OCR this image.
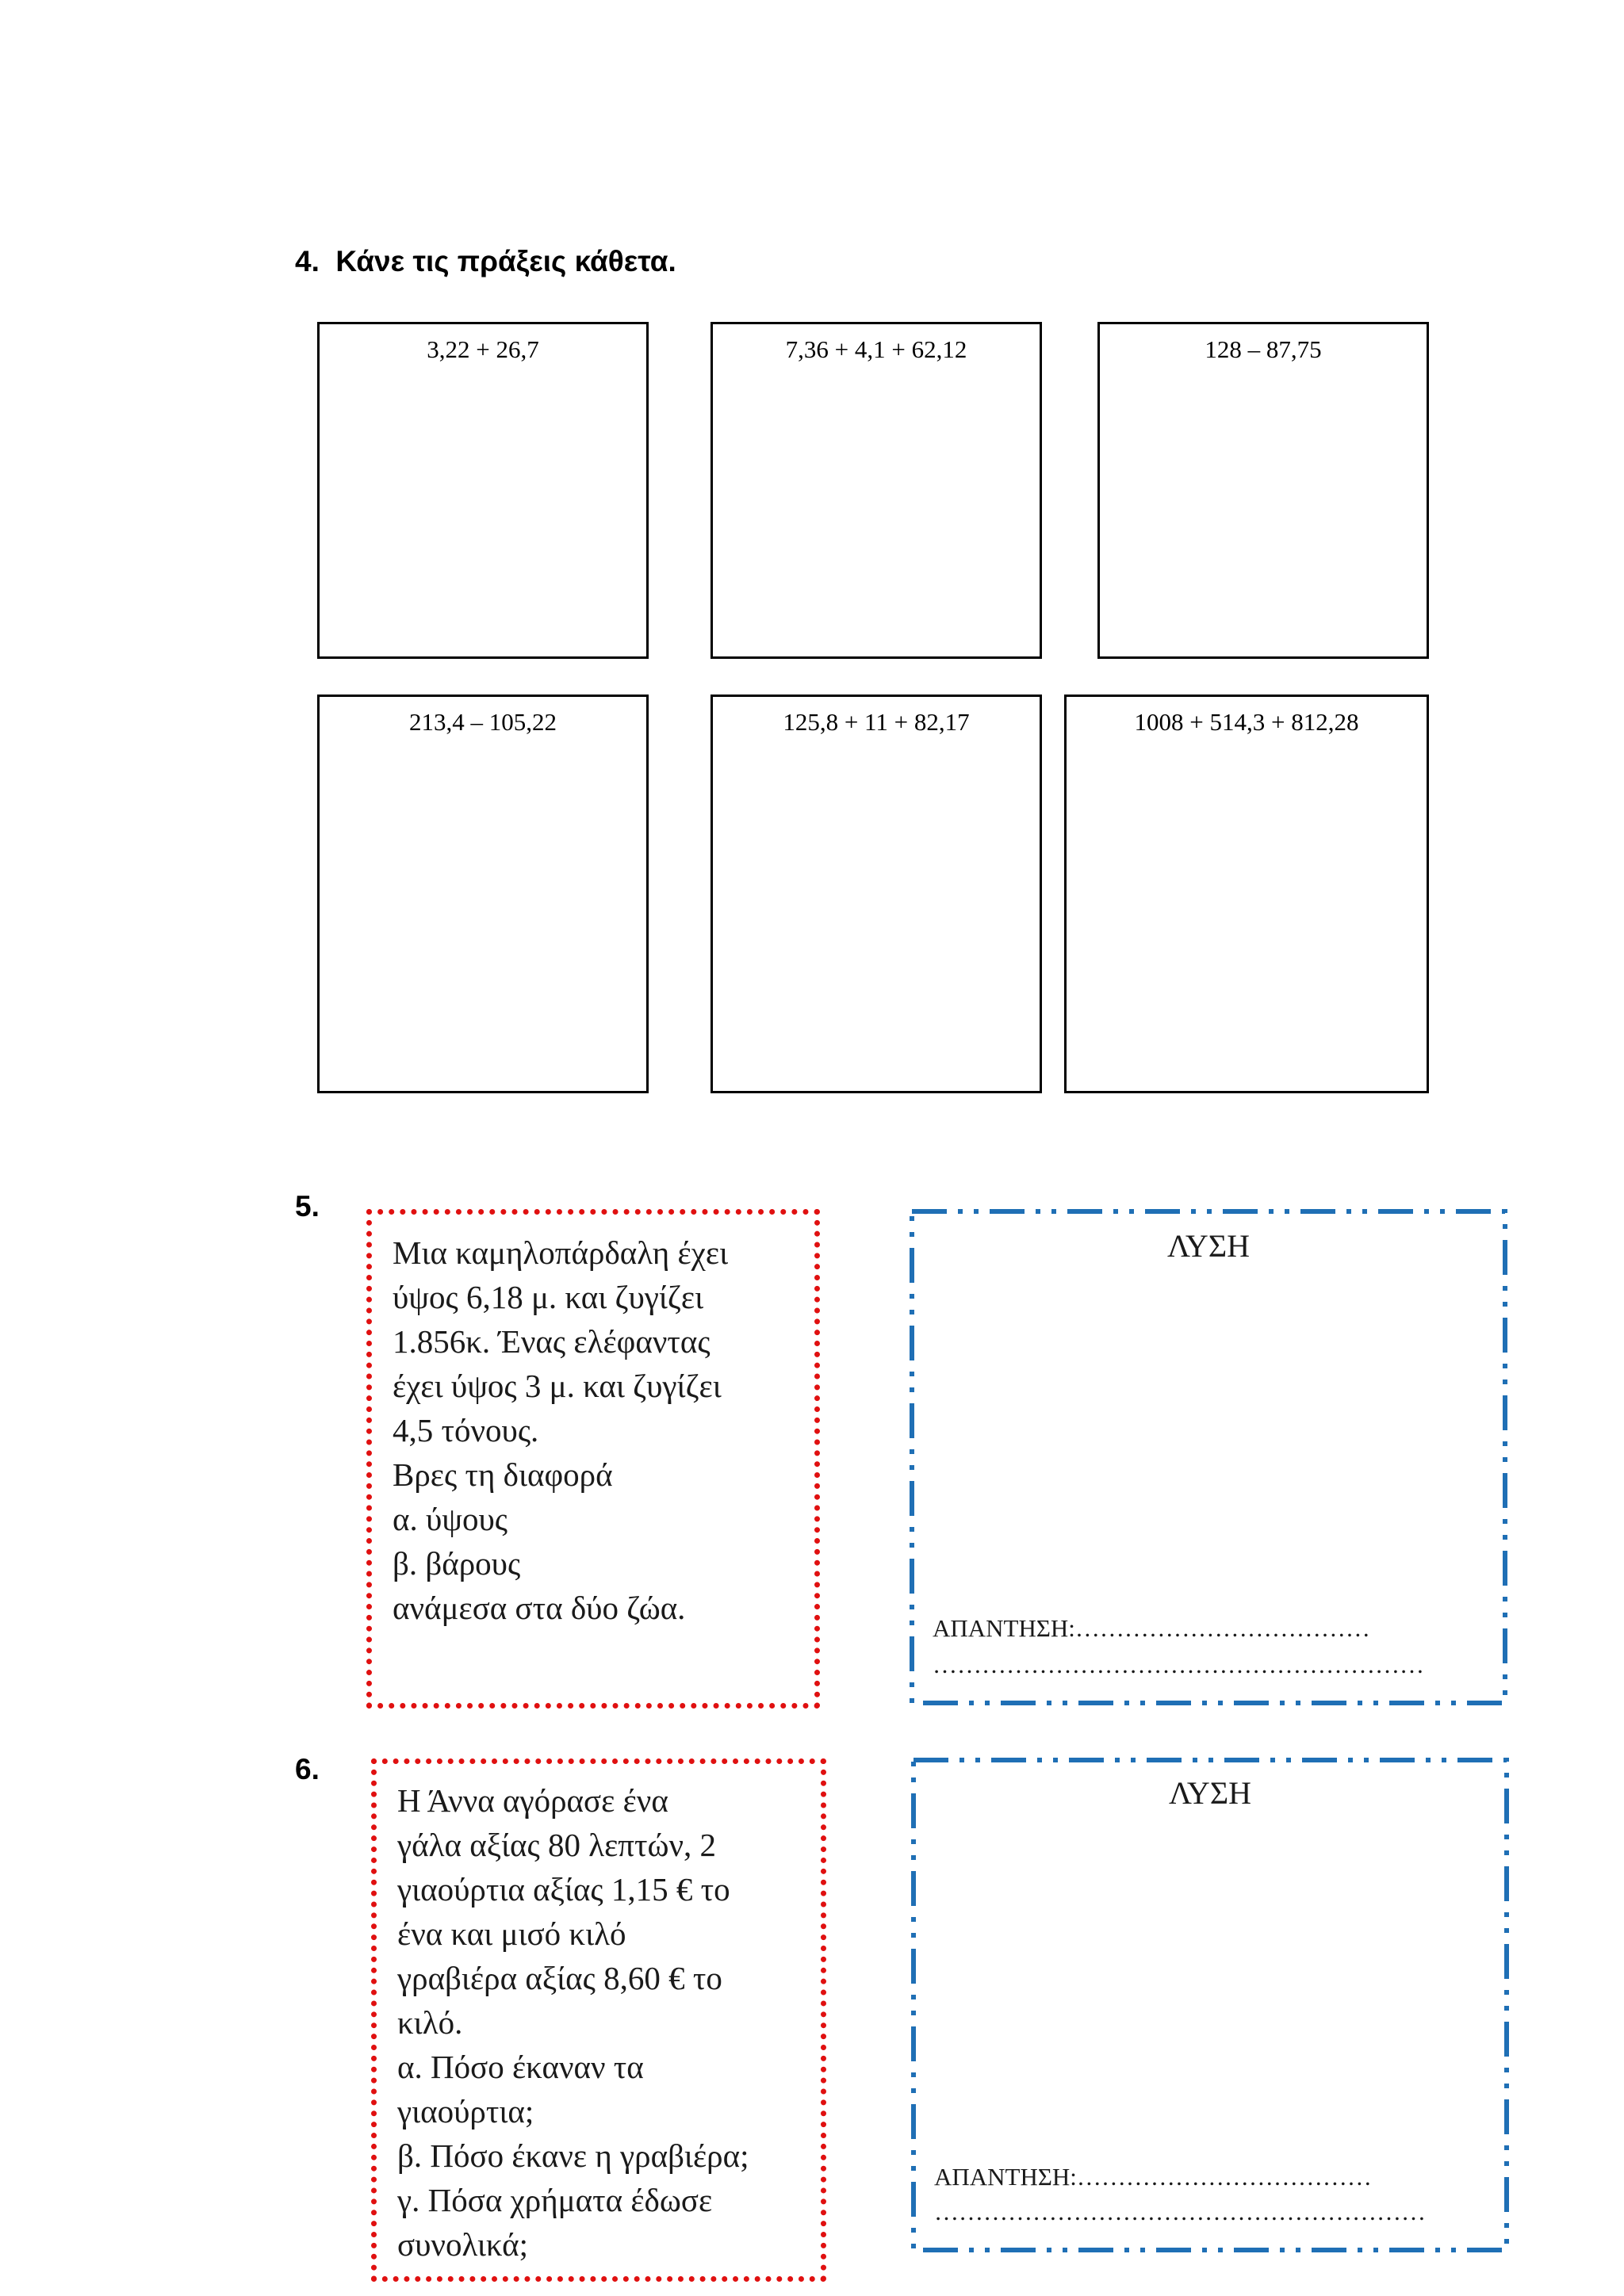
4. Κάνε τις πράξεις κάθετα.
3,22 + 26,7	7,36 + 4,1 + 62,12	128 – 87,75
213,4 – 105,22	125,8 + 11 + 82,17	1008 + 514,3 + 812,28
5.
Μια καμηλοπάρδαλη έχει
ύψος 6,18 μ. και ζυγίζει
1.856κ. Ένας ελέφαντας
έχει ύψος 3 μ. και ζυγίζει
4,5 τόνους.
Βρες τη διαφορά
α. ύψους
β. βάρους
ανάμεσα στα δύο ζώα.
ΛΥΣΗ
ΑΠΑΝΤΗΣΗ:………………………………
……………………………………………………
6.
Η Άννα αγόρασε ένα
γάλα αξίας 80 λεπτών, 2
γιαούρτια αξίας 1,15 € το
ένα και μισό κιλό
γραβιέρα αξίας 8,60 € το
κιλό.
α. Πόσο έκαναν τα
γιαούρτια;
β. Πόσο έκανε η γραβιέρα;
γ. Πόσα χρήματα έδωσε
συνολικά;
ΛΥΣΗ
ΑΠΑΝΤΗΣΗ:………………………………
……………………………………………………
